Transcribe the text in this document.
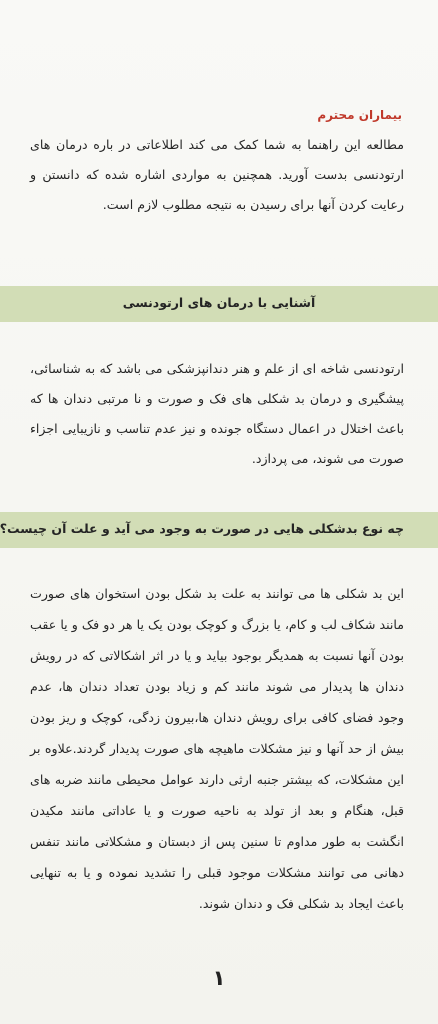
بیماران محترم

مطالعه این راهنما به شما کمک می کند اطلاعاتی در باره درمان های ارتودنسی بدست آورید. همچنین به مواردی اشاره شده که دانستن و رعایت کردن آنها برای رسیدن به نتیجه مطلوب لازم است.

آشنایی با درمان های ارتودنسی

ارتودنسی شاخه ای از علم و هنر دندانپزشکی می باشد که به شناسائی، پیشگیری و درمان بد شکلی های فک و صورت و نا مرتبی دندان ها که باعث اختلال در اعمال دستگاه جونده و نیز عدم تناسب و نازیبایی اجزاء صورت می شوند، می پردازد.

چه نوع بدشکلی هایی در صورت به وجود می آید و علت آن چیست؟

این بد شکلی ها می توانند به علت بد شکل بودن استخوان های صورت مانند شکاف لب و کام، یا بزرگ و کوچک بودن یک یا هر دو فک و یا عقب بودن آنها نسبت به همدیگر بوجود بیاید و یا در اثر اشکالاتی که در رویش دندان ها پدیدار می شوند مانند کم و زیاد بودن تعداد دندان ها، عدم وجود فضای کافی برای رویش دندان ها،بیرون زدگی، کوچک و ریز بودن بیش از حد آنها و نیز مشکلات ماهیچه های صورت پدیدار گردند.علاوه بر این مشکلات، که بیشتر جنبه ارثی دارند عوامل محیطی مانند ضربه های قبل، هنگام و بعد از تولد به ناحیه صورت و یا عاداتی مانند مکیدن انگشت به طور مداوم تا سنین پس از دبستان و مشکلاتی مانند تنفس دهانی می توانند مشکلات موجود قبلی را تشدید نموده و یا به تنهایی باعث ایجاد بد شکلی فک و دندان شوند.

۱
